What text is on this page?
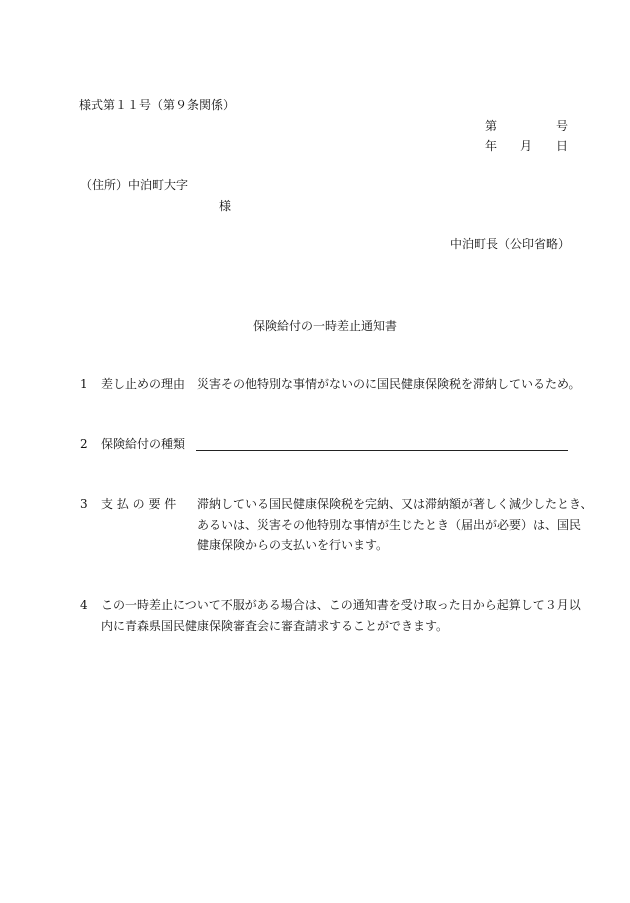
様式第１１号（第９条関係）
第	号
年 月 日
（住所）中泊町大字
様
中泊町長（公印省略）
保険給付の一時差止通知書
1 差し止めの理由 災害その他特別な事情がないのに国民健康保険税を滞納しているため。
2 保険給付の種類
3 支 払 の 要 件 滞納している国民健康保険税を完納、又は滞納額が著しく減少したとき、
あるいは、災害その他特別な事情が生じたとき（届出が必要）は、国民
健康保険からの支払いを行います。
4 この一時差止について不服がある場合は、この通知書を受け取った日から起算して３月以
内に青森県国民健康保険審査会に審査請求することができます。
